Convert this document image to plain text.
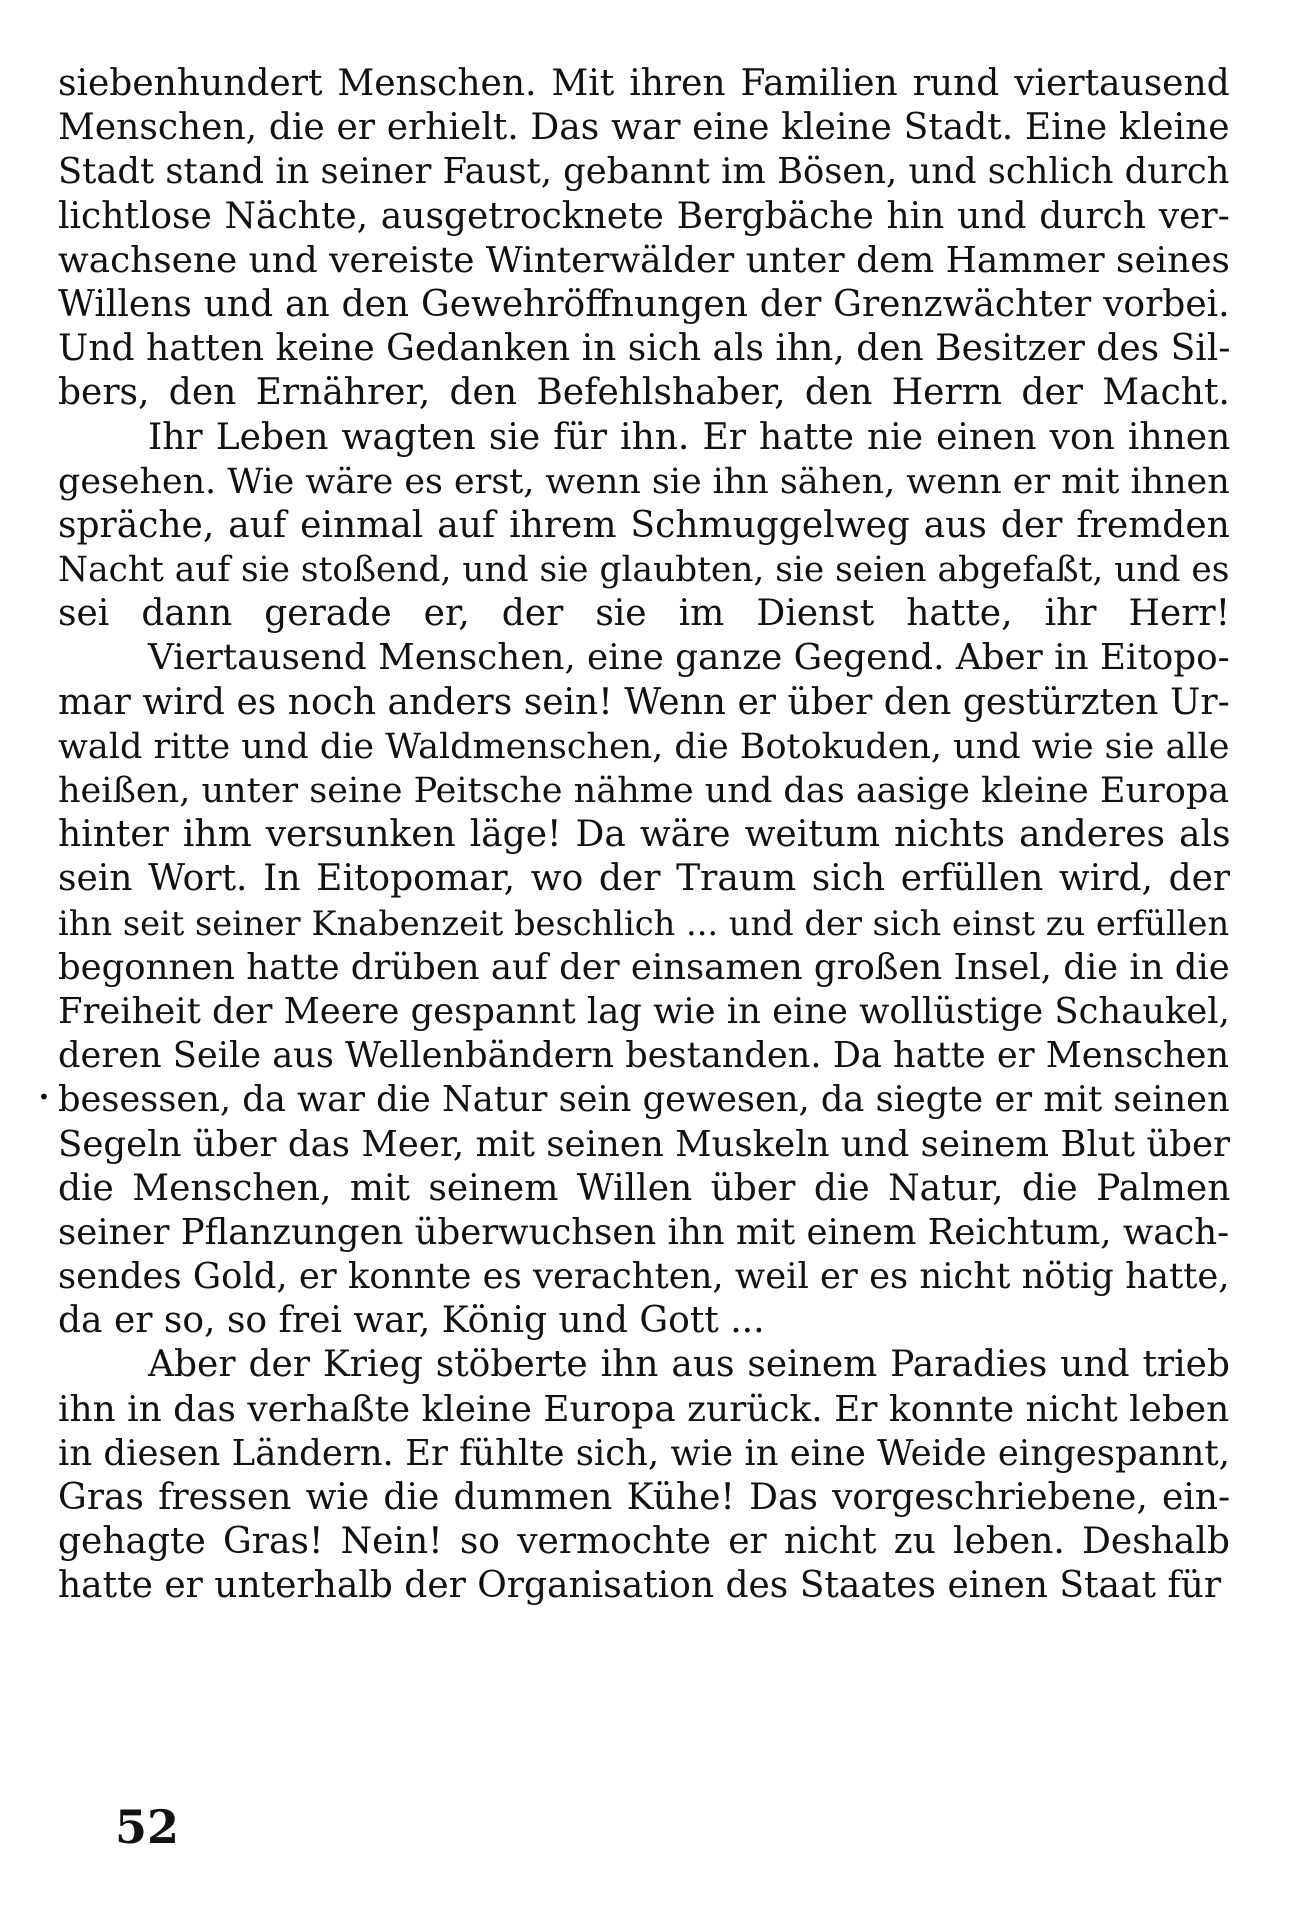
siebenhundert Menschen. Mit ihren Familien rund viertausend
Menschen, die er erhielt. Das war eine kleine Stadt. Eine kleine
Stadt stand in seiner Faust, gebannt im Bösen, und schlich durch
lichtlose Nächte, ausgetrocknete Bergbäche hin und durch ver-
wachsene und vereiste Winterwälder unter dem Hammer seines
Willens und an den Gewehröffnungen der Grenzwächter vorbei.
Und hatten keine Gedanken in sich als ihn, den Besitzer des Sil-
bers, den Ernährer, den Befehlshaber, den Herrn der Macht.
Ihr Leben wagten sie für ihn. Er hatte nie einen von ihnen
gesehen. Wie wäre es erst, wenn sie ihn sähen, wenn er mit ihnen
spräche, auf einmal auf ihrem Schmuggelweg aus der fremden
Nacht auf sie stoßend, und sie glaubten, sie seien abgefaßt, und es
sei dann gerade er, der sie im Dienst hatte, ihr Herr!
Viertausend Menschen, eine ganze Gegend. Aber in Eitopo-
mar wird es noch anders sein! Wenn er über den gestürzten Ur-
wald ritte und die Waldmenschen, die Botokuden, und wie sie alle
heißen, unter seine Peitsche nähme und das aasige kleine Europa
hinter ihm versunken läge! Da wäre weitum nichts anderes als
sein Wort. In Eitopomar, wo der Traum sich erfüllen wird, der
ihn seit seiner Knabenzeit beschlich ... und der sich einst zu erfüllen
begonnen hatte drüben auf der einsamen großen Insel, die in die
Freiheit der Meere gespannt lag wie in eine wollüstige Schaukel,
deren Seile aus Wellenbändern bestanden. Da hatte er Menschen
besessen, da war die Natur sein gewesen, da siegte er mit seinen
Segeln über das Meer, mit seinen Muskeln und seinem Blut über
die Menschen, mit seinem Willen über die Natur, die Palmen
seiner Pflanzungen überwuchsen ihn mit einem Reichtum, wach-
sendes Gold, er konnte es verachten, weil er es nicht nötig hatte,
da er so, so frei war, König und Gott ...
Aber der Krieg stöberte ihn aus seinem Paradies und trieb
ihn in das verhaßte kleine Europa zurück. Er konnte nicht leben
in diesen Ländern. Er fühlte sich, wie in eine Weide eingespannt,
Gras fressen wie die dummen Kühe! Das vorgeschriebene, ein-
gehagte Gras! Nein! so vermochte er nicht zu leben. Deshalb
hatte er unterhalb der Organisation des Staates einen Staat für
•
52
